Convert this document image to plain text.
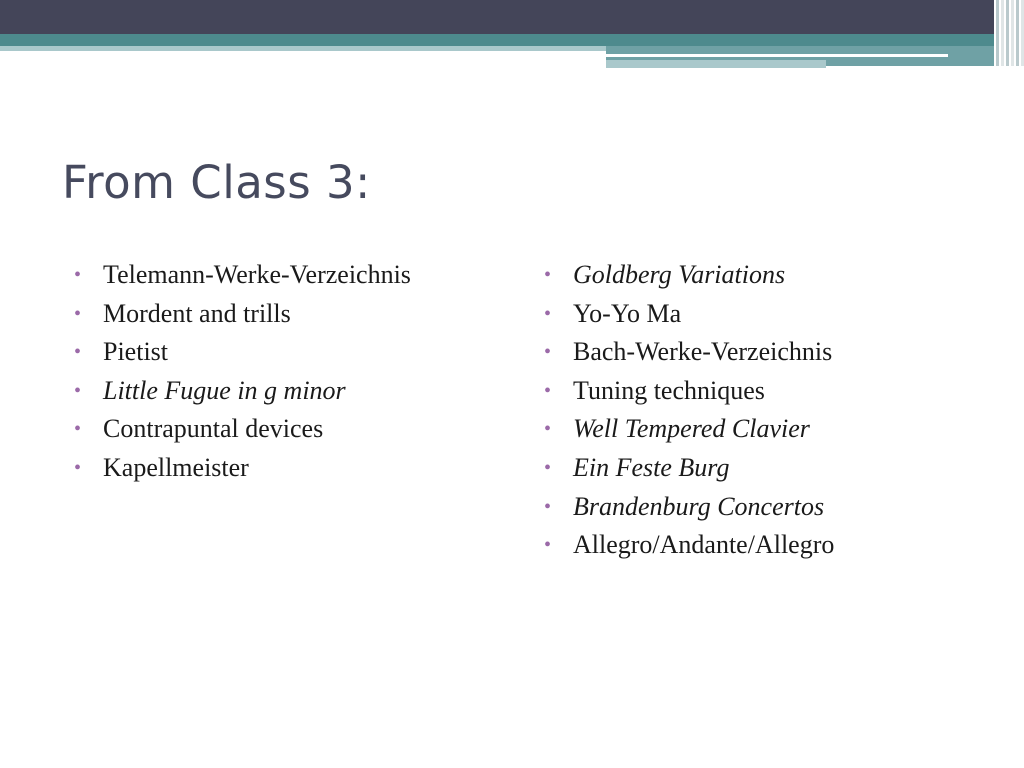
From Class 3:
• Telemann-Werke-Verzeichnis
• Mordent and trills
• Pietist
• Little Fugue in g minor
• Contrapuntal devices
• Kapellmeister
• Goldberg Variations
• Yo-Yo Ma
• Bach-Werke-Verzeichnis
• Tuning techniques
• Well Tempered Clavier
• Ein Feste Burg
• Brandenburg Concertos
• Allegro/Andante/Allegro
